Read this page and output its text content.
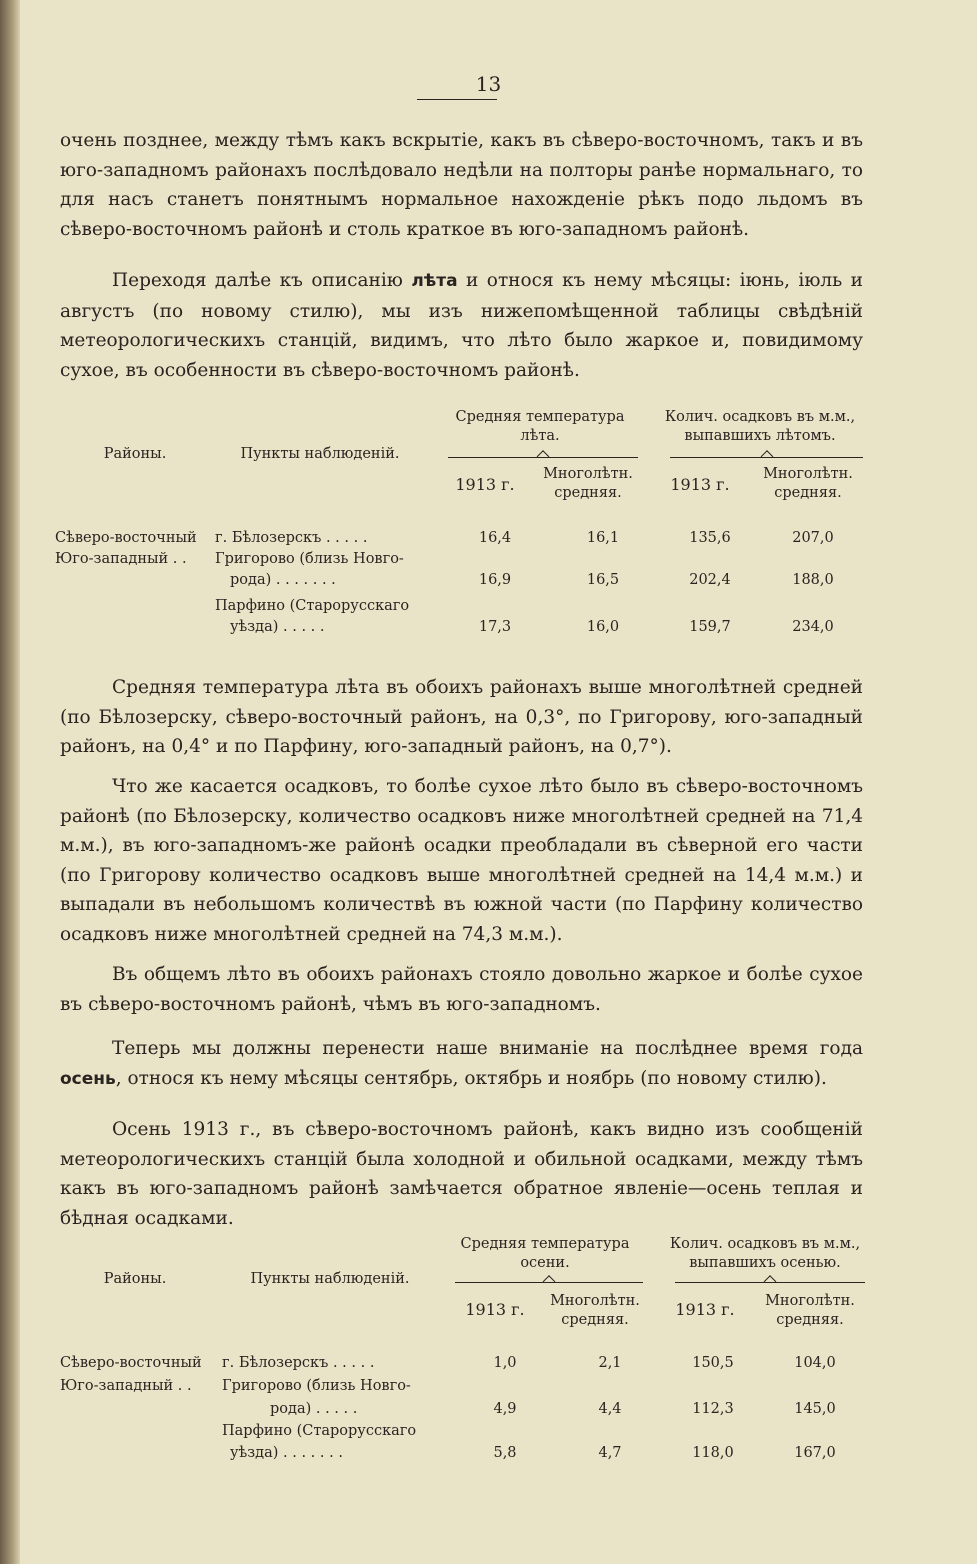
13
очень позднее, между тѣмъ какъ вскрытіе, какъ въ сѣверо-восточномъ, такъ и въ юго-западномъ районахъ послѣдовало недѣли на полторы ранѣе нормальнаго, то для насъ станетъ понятнымъ нормальное нахожденіе рѣкъ подо льдомъ въ сѣверо-восточномъ районѣ и столь краткое въ юго-западномъ районѣ.
Переходя далѣе къ описанію лѣта и относя къ нему мѣсяцы: іюнь, іюль и августъ (по новому стилю), мы изъ нижепомѣщенной таблицы свѣдѣній метеорологическихъ станцій, видимъ, что лѣто было жаркое и, повидимому сухое, въ особенности въ сѣверо-восточномъ районѣ.
Районы.	Пункты наблюденій.
Средняя температура лѣта.
Колич. осадковъ въ м.м., выпавшихъ лѣтомъ.
1913 г.
Многолѣтн. средняя.	1913 г.
Многолѣтн. средняя.
Сѣверо-восточный г. Бѣлозерскъ . . . . .	16,4	16,1	135,6	207,0
Юго-западный . . Григорово (близь Новго-
рода) . . . . . . .	16,9	16,5	202,4	188,0
Парфино (Старорусскаго
уѣзда) . . . . .	17,3	16,0	159,7	234,0
Средняя температура лѣта въ обоихъ районахъ выше многолѣтней средней (по Бѣлозерску, сѣверо-восточный районъ, на 0,3°, по Григорову, юго-западный районъ, на 0,4° и по Парфину, юго-западный районъ, на 0,7°).
Что же касается осадковъ, то болѣе сухое лѣто было въ сѣверо-восточномъ районѣ (по Бѣлозерску, количество осадковъ ниже многолѣтней средней на 71,4 м.м.), въ юго-западномъ-же районѣ осадки преобладали въ сѣверной его части (по Григорову количество осадковъ выше многолѣтней средней на 14,4 м.м.) и выпадали въ небольшомъ количествѣ въ южной части (по Парфину количество осадковъ ниже многолѣтней средней на 74,3 м.м.).
Въ общемъ лѣто въ обоихъ районахъ стояло довольно жаркое и болѣе сухое въ сѣверо-восточномъ районѣ, чѣмъ въ юго-западномъ.
Теперь мы должны перенести наше вниманіе на послѣднее время года осень, относя къ нему мѣсяцы сентябрь, октябрь и ноябрь (по новому стилю).
Осень 1913 г., въ сѣверо-восточномъ районѣ, какъ видно изъ сообщеній метеорологическихъ станцій была холодной и обильной осадками, между тѣмъ какъ въ юго-западномъ районѣ замѣчается обратное явленіе—осень теплая и бѣдная осадками.
Районы.	Пункты наблюденій.
Средняя температура осени.
Колич. осадковъ въ м.м., выпавшихъ осенью.
1913 г.	Многолѣтн. средняя.
1913 г.	Многолѣтн. средняя.
Сѣверо-восточный г. Бѣлозерскъ . . . . .	1,0	2,1	150,5	104,0
Юго-западный . . Григорово (близь Новго-
рода) . . . . .	4,9	4,4	112,3	145,0
Парфино (Старорусскаго
уѣзда) . . . . . . .	5,8	4,7	118,0	167,0
